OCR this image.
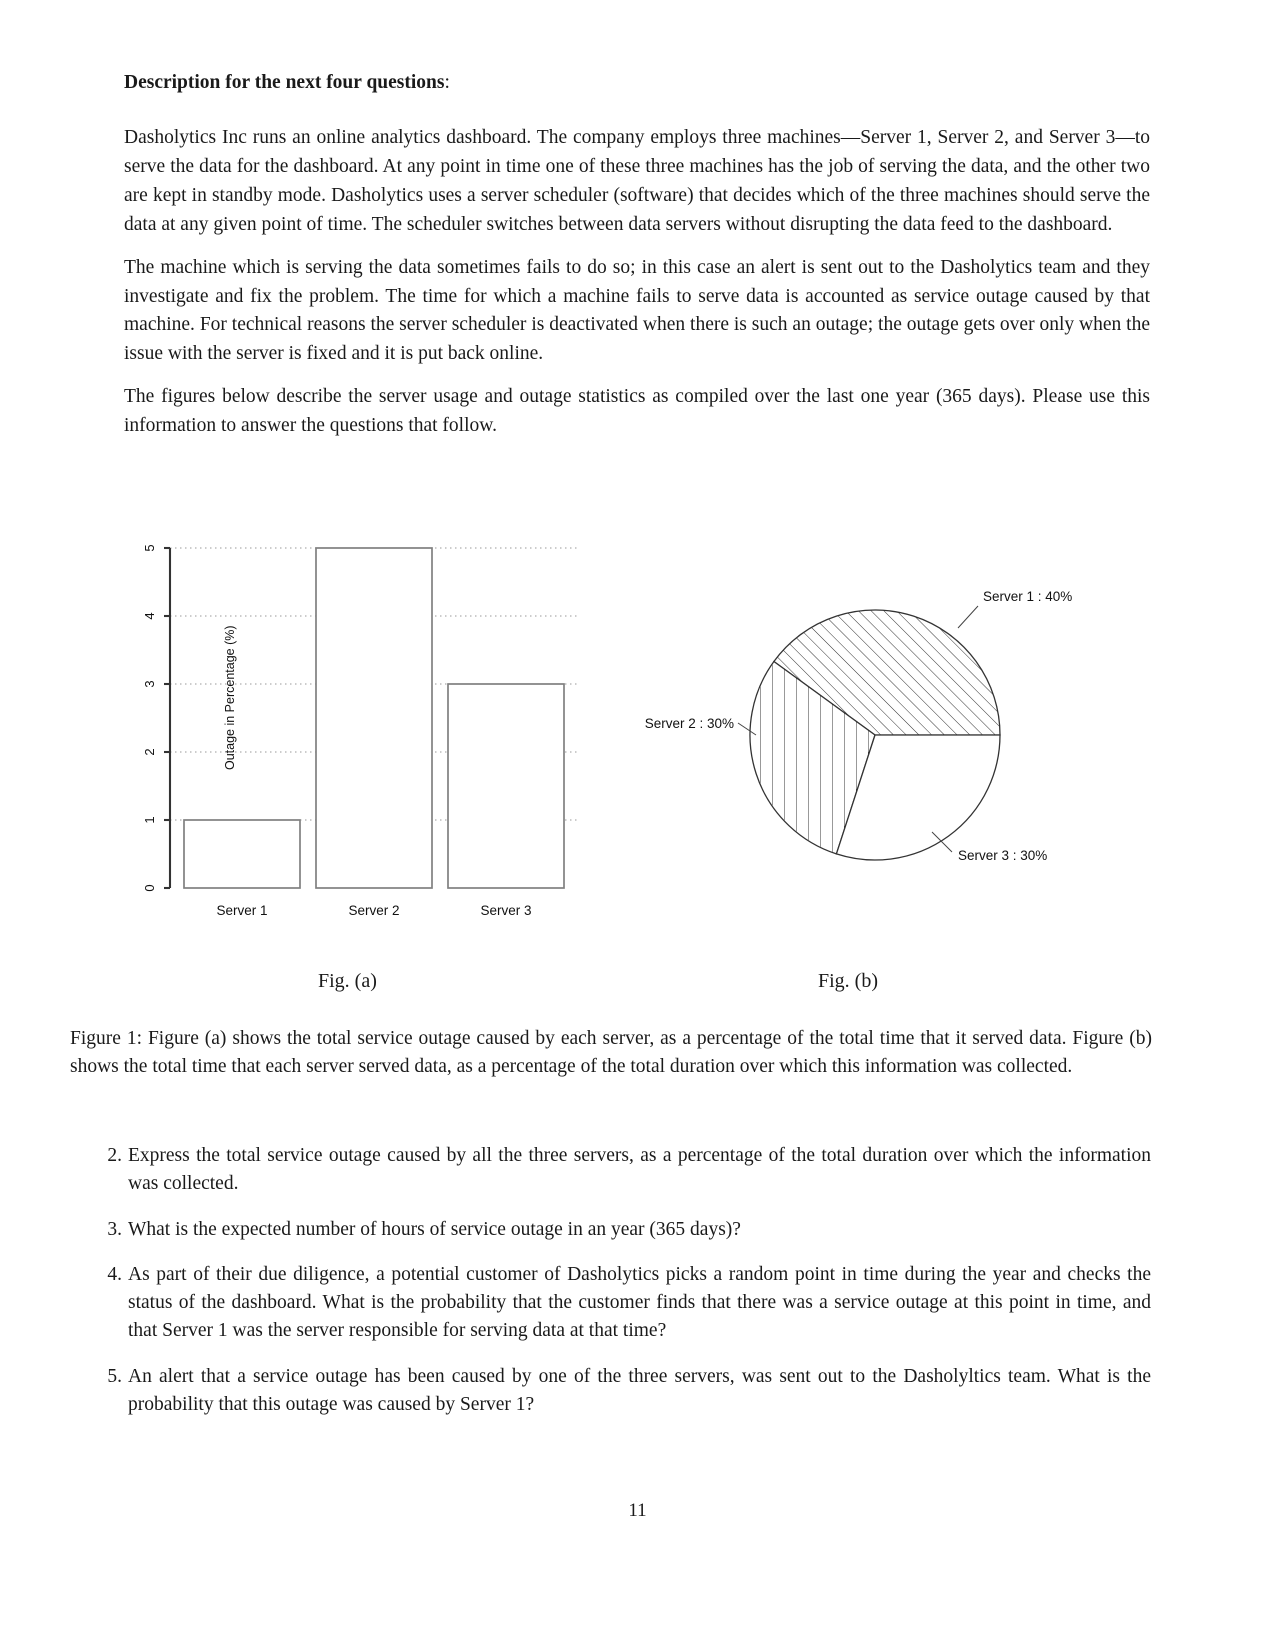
Description for the next four questions:

Dasholytics Inc runs an online analytics dashboard. The company employs three machines—Server 1, Server 2, and Server 3—to serve the data for the dashboard. At any point in time one of these three machines has the job of serving the data, and the other two are kept in standby mode. Dasholytics uses a server scheduler (software) that decides which of the three machines should serve the data at any given point of time. The scheduler switches between data servers without disrupting the data feed to the dashboard.

The machine which is serving the data sometimes fails to do so; in this case an alert is sent out to the Dasholytics team and they investigate and fix the problem. The time for which a machine fails to serve data is accounted as service outage caused by that machine. For technical reasons the server scheduler is deactivated when there is such an outage; the outage gets over only when the issue with the server is fixed and it is put back online.

The figures below describe the server usage and outage statistics as compiled over the last one year (365 days). Please use this information to answer the questions that follow.

Outage in Percentage (%)
0
1
2
3
4
5
Server 1	Server 2	Server 3
Server 1 : 40%
Server 2 : 30%
Server 3 : 30%
Fig. (a)	Fig. (b)
Figure 1: Figure (a) shows the total service outage caused by each server, as a percentage of the total time that it served data. Figure (b) shows the total time that each server served data, as a percentage of the total duration over which this information was collected.
2. Express the total service outage caused by all the three servers, as a percentage of the total duration over which the information was collected.
3. What is the expected number of hours of service outage in an year (365 days)?
4. As part of their due diligence, a potential customer of Dasholytics picks a random point in time during the year and checks the status of the dashboard. What is the probability that the customer finds that there was a service outage at this point in time, and that Server 1 was the server responsible for serving data at that time?
5. An alert that a service outage has been caused by one of the three servers, was sent out to the Dasholyltics team. What is the probability that this outage was caused by Server 1?
11
